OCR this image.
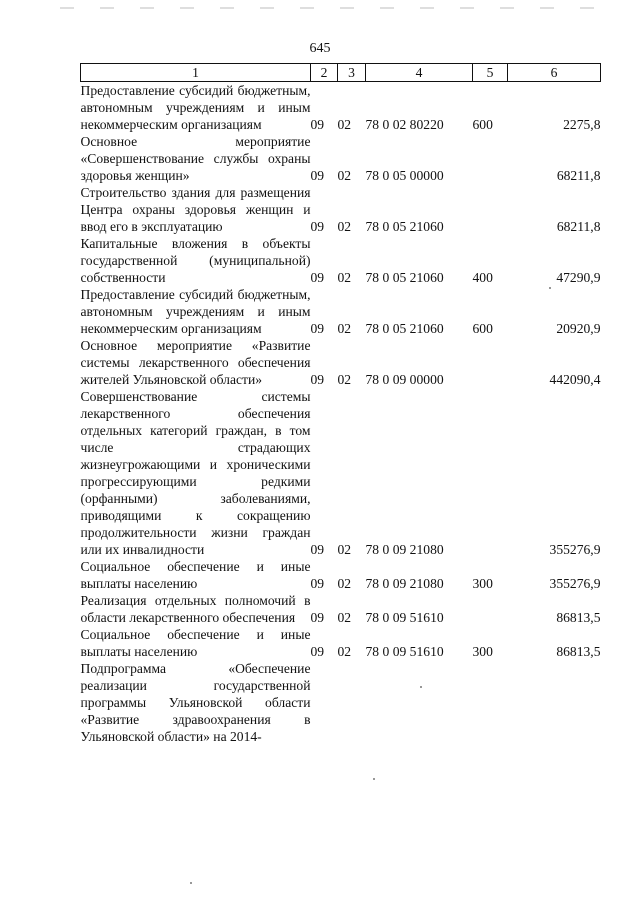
645
1	2	3	4	5	6
Предоставление субсидий бюджетным, автономным учреждениям и иным некоммерческим организациям	09	02	78 0 02 80220	600	2275,8
Основное мероприятие «Совершенствование службы охраны здоровья женщин»	09	02	78 0 05 00000		68211,8
Строительство здания для размещения Центра охраны здоровья женщин и ввод его в эксплуатацию	09	02	78 0 05 21060		68211,8
Капитальные вложения в объекты государственной (муниципальной) собственности	09	02	78 0 05 21060	400	47290,9
Предоставление субсидий бюджетным, автономным учреждениям и иным некоммерческим организациям	09	02	78 0 05 21060	600	20920,9
Основное мероприятие «Развитие системы лекарственного обеспечения жителей Ульяновской области»	09	02	78 0 09 00000		442090,4
Совершенствование системы лекарственного обеспечения отдельных категорий граждан, в том числе страдающих жизнеугрожающими и хроническими прогрессирующими редкими (орфанными) заболеваниями, приводящими к сокращению продолжительности жизни граждан или их инвалидности	09	02	78 0 09 21080		355276,9
Социальное обеспечение и иные выплаты населению	09	02	78 0 09 21080	300	355276,9
Реализация отдельных полномочий в области лекарственного обеспечения	09	02	78 0 09 51610		86813,5
Социальное обеспечение и иные выплаты населению	09	02	78 0 09 51610	300	86813,5
Подпрограмма «Обеспечение реализации государственной программы Ульяновской области «Развитие здравоохранения в Ульяновской области» на 2014-					
